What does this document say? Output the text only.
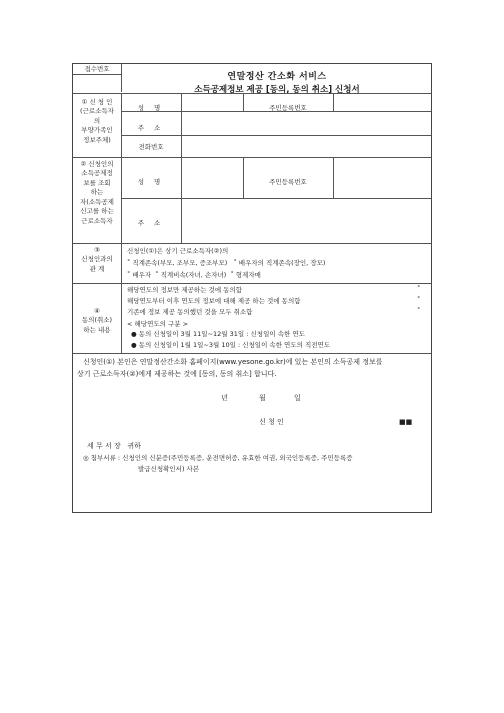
접수번호
연말정산 간소화 서비스
소득공제정보 제공 [동의, 동의 취소] 신청서
① 신 청 인
(근로소득자
의
부양가족인
정보주체)
성 명	주민등록번호
주 소
전화번호
② 신청인의
소득공제정
보를 조회
하는
자(소득공제
신고를 하는
근로소득자
성 명	주민등록번호
주 소
③
신청인과의
관 계
신청인(①)은 상기 근로소득자(②)의
˚ 직계존속(부모, 조부모, 증조부모)   ˚ 배우자의 직계존속(장인, 장모)
˚ 배우자  ˚ 직계비속(자녀, 손자녀)  ˚ 형제자매
④
동의(취소)
하는 내용
해당연도의 정보만 제공하는 것에 동의함	˚
해당연도부터 이후 연도의 정보에 대해 제공 하는 것에 동의함	˚
기존에 정보 제공 동의했던 것을 모두 취소함	˚
< 해당연도의 구분 >
● 동의 신청일이 3월 11일~12월 31일 : 신청일이 속한 연도
● 동의 신청일이 1월 1일~3월 10일 : 신청일이 속한 연도의 직전연도
신청인(①) 본인은 연말정산간소화 홈페이지(www.yesone.go.kr)에 있는 본인의 소득공제 정보를
상기 근로소득자(②)에게 제공하는 것에 [동의, 동의 취소] 합니다.
년	월	일
신 청 인	■■
세 무 서 장   귀하
◎ 첨부서류 : 신청인의 신분증(주민등록증, 운전면허증, 유효한 여권, 외국인등록증, 주민등록증
발급신청확인서) 사본
